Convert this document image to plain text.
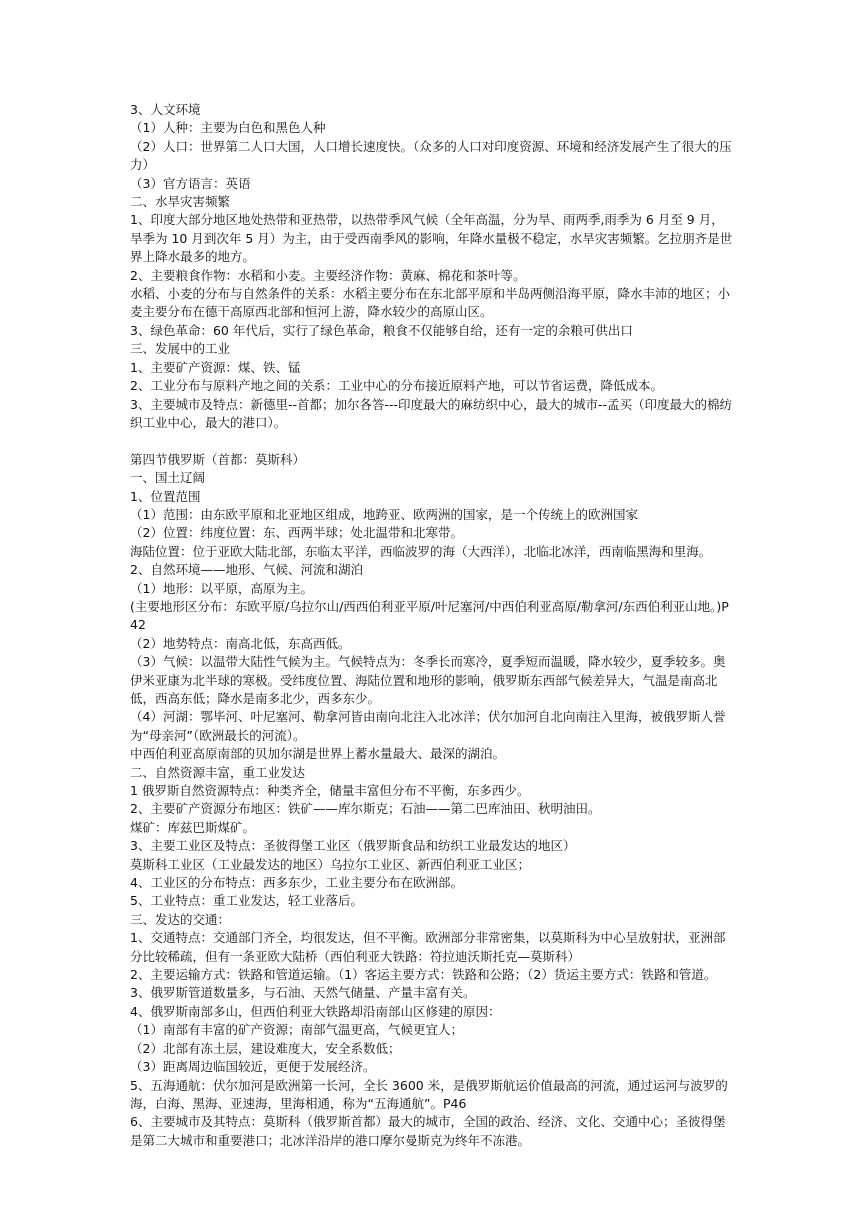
3、人文环境

（1）人种：主要为白色和黑色人种

（2）人口：世界第二人口大国，人口增长速度快。（众多的人口对印度资源、环境和经济发展产生了很大的压力）

（3）官方语言：英语

二、水旱灾害频繁

1、印度大部分地区地处热带和亚热带，以热带季风气候（全年高温，分为旱、雨两季,雨季为 6 月至 9 月，旱季为 10 月到次年 5 月）为主，由于受西南季风的影响，年降水量极不稳定，水旱灾害频繁。乞拉朋齐是世界上降水最多的地方。

2、主要粮食作物：水稻和小麦。主要经济作物：黄麻、棉花和茶叶等。

水稻、小麦的分布与自然条件的关系：水稻主要分布在东北部平原和半岛两侧沿海平原，降水丰沛的地区；小麦主要分布在德干高原西北部和恒河上游，降水较少的高原山区。

3、绿色革命：60 年代后，实行了绿色革命，粮食不仅能够自给，还有一定的余粮可供出口

三、发展中的工业

1、主要矿产资源：煤、铁、锰

2、工业分布与原料产地之间的关系：工业中心的分布接近原料产地，可以节省运费，降低成本。

3、主要城市及特点：新德里--首都；加尔各答---印度最大的麻纺织中心，最大的城市--孟买（印度最大的棉纺织工业中心，最大的港口）。

第四节俄罗斯（首都：莫斯科）

一、国土辽阔

1、位置范围

（1）范围：由东欧平原和北亚地区组成，地跨亚、欧两洲的国家，是一个传统上的欧洲国家

（2）位置：纬度位置：东、西两半球；处北温带和北寒带。

海陆位置：位于亚欧大陆北部，东临太平洋，西临波罗的海（大西洋），北临北冰洋，西南临黑海和里海。

2、自然环境——地形、气候、河流和湖泊

（1）地形：以平原，高原为主。

(主要地形区分布：东欧平原/乌拉尔山/西西伯利亚平原/叶尼塞河/中西伯利亚高原/勒拿河/东西伯利亚山地。)P42

（2）地势特点：南高北低，东高西低。

（3）气候：以温带大陆性气候为主。气候特点为：冬季长而寒冷，夏季短而温暖，降水较少，夏季较多。奥伊米亚康为北半球的寒极。受纬度位置、海陆位置和地形的影响，俄罗斯东西部气候差异大，气温是南高北低，西高东低；降水是南多北少，西多东少。

（4）河湖：鄂毕河、叶尼塞河、勒拿河皆由南向北注入北冰洋；伏尔加河自北向南注入里海，被俄罗斯人誉为“母亲河”（欧洲最长的河流）。

中西伯利亚高原南部的贝加尔湖是世界上蓄水量最大、最深的湖泊。

二、自然资源丰富，重工业发达

1 俄罗斯自然资源特点：种类齐全，储量丰富但分布不平衡，东多西少。

2、主要矿产资源分布地区：铁矿——库尔斯克；石油——第二巴库油田、秋明油田。

煤矿：库兹巴斯煤矿。

3、主要工业区及特点：圣彼得堡工业区（俄罗斯食品和纺织工业最发达的地区）

莫斯科工业区（工业最发达的地区）乌拉尔工业区、新西伯利亚工业区；

4、工业区的分布特点：西多东少，工业主要分布在欧洲部。

5、工业特点：重工业发达，轻工业落后。

三、发达的交通：

1、交通特点：交通部门齐全，均很发达，但不平衡。欧洲部分非常密集，以莫斯科为中心呈放射状，亚洲部分比较稀疏，但有一条亚欧大陆桥（西伯利亚大铁路：符拉迪沃斯托克—莫斯科）

2、主要运输方式：铁路和管道运输。（1）客运主要方式：铁路和公路；（2）货运主要方式：铁路和管道。

3、俄罗斯管道数量多，与石油、天然气储量、产量丰富有关。

4、俄罗斯南部多山，但西伯利亚大铁路却沿南部山区修建的原因：

（1）南部有丰富的矿产资源；南部气温更高，气候更宜人；

（2）北部有冻土层，建设难度大，安全系数低；

（3）距离周边临国较近，更便于发展经济。

5、五海通航：伏尔加河是欧洲第一长河，全长 3600 米，是俄罗斯航运价值最高的河流，通过运河与波罗的海，白海、黑海、亚速海，里海相通，称为“五海通航”。P46

6、主要城市及其特点：莫斯科（俄罗斯首都）最大的城市，全国的政治、经济、文化、交通中心；圣彼得堡是第二大城市和重要港口；北冰洋沿岸的港口摩尔曼斯克为终年不冻港。
